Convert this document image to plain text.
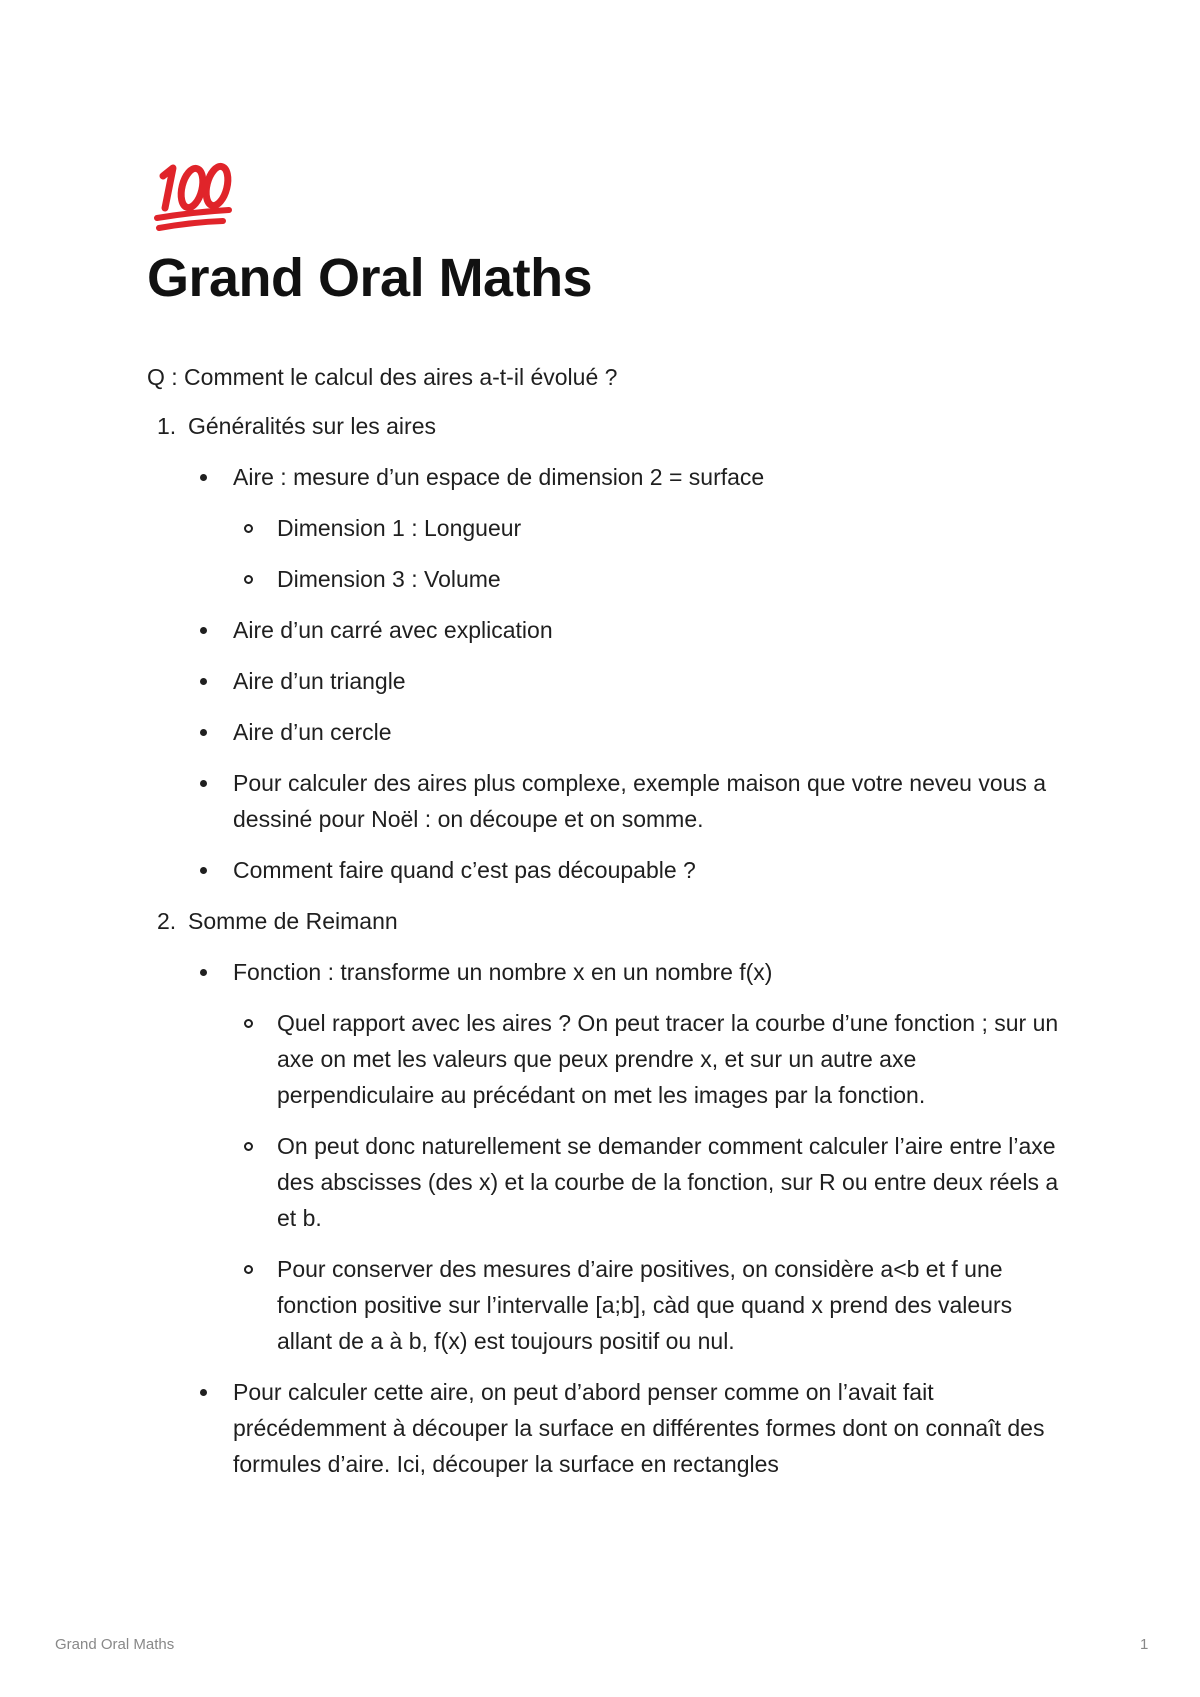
Grand Oral Maths
Q : Comment le calcul des aires a-t-il évolué ?
1. Généralités sur les aires
Aire : mesure d’un espace de dimension 2 = surface
Dimension 1 : Longueur
Dimension 3 : Volume
Aire d’un carré avec explication
Aire d’un triangle
Aire d’un cercle
Pour calculer des aires plus complexe, exemple maison que votre neveu vous a dessiné pour Noël : on découpe et on somme.
Comment faire quand c’est pas découpable ?
2. Somme de Reimann
Fonction : transforme un nombre x en un nombre f(x)
Quel rapport avec les aires ? On peut tracer la courbe d’une fonction ; sur un axe on met les valeurs que peux prendre x, et sur un autre axe perpendiculaire au précédant on met les images par la fonction.
On peut donc naturellement se demander comment calculer l’aire entre l’axe des abscisses (des x) et la courbe de la fonction, sur R ou entre deux réels a et b.
Pour conserver des mesures d’aire positives, on considère a<b et f une fonction positive sur l’intervalle [a;b], càd que quand x prend des valeurs allant de a à b, f(x) est toujours positif ou nul.
Pour calculer cette aire, on peut d’abord penser comme on l’avait fait précédemment à découper la surface en différentes formes dont on connaît des formules d’aire. Ici, découper la surface en rectangles
Grand Oral Maths	1
